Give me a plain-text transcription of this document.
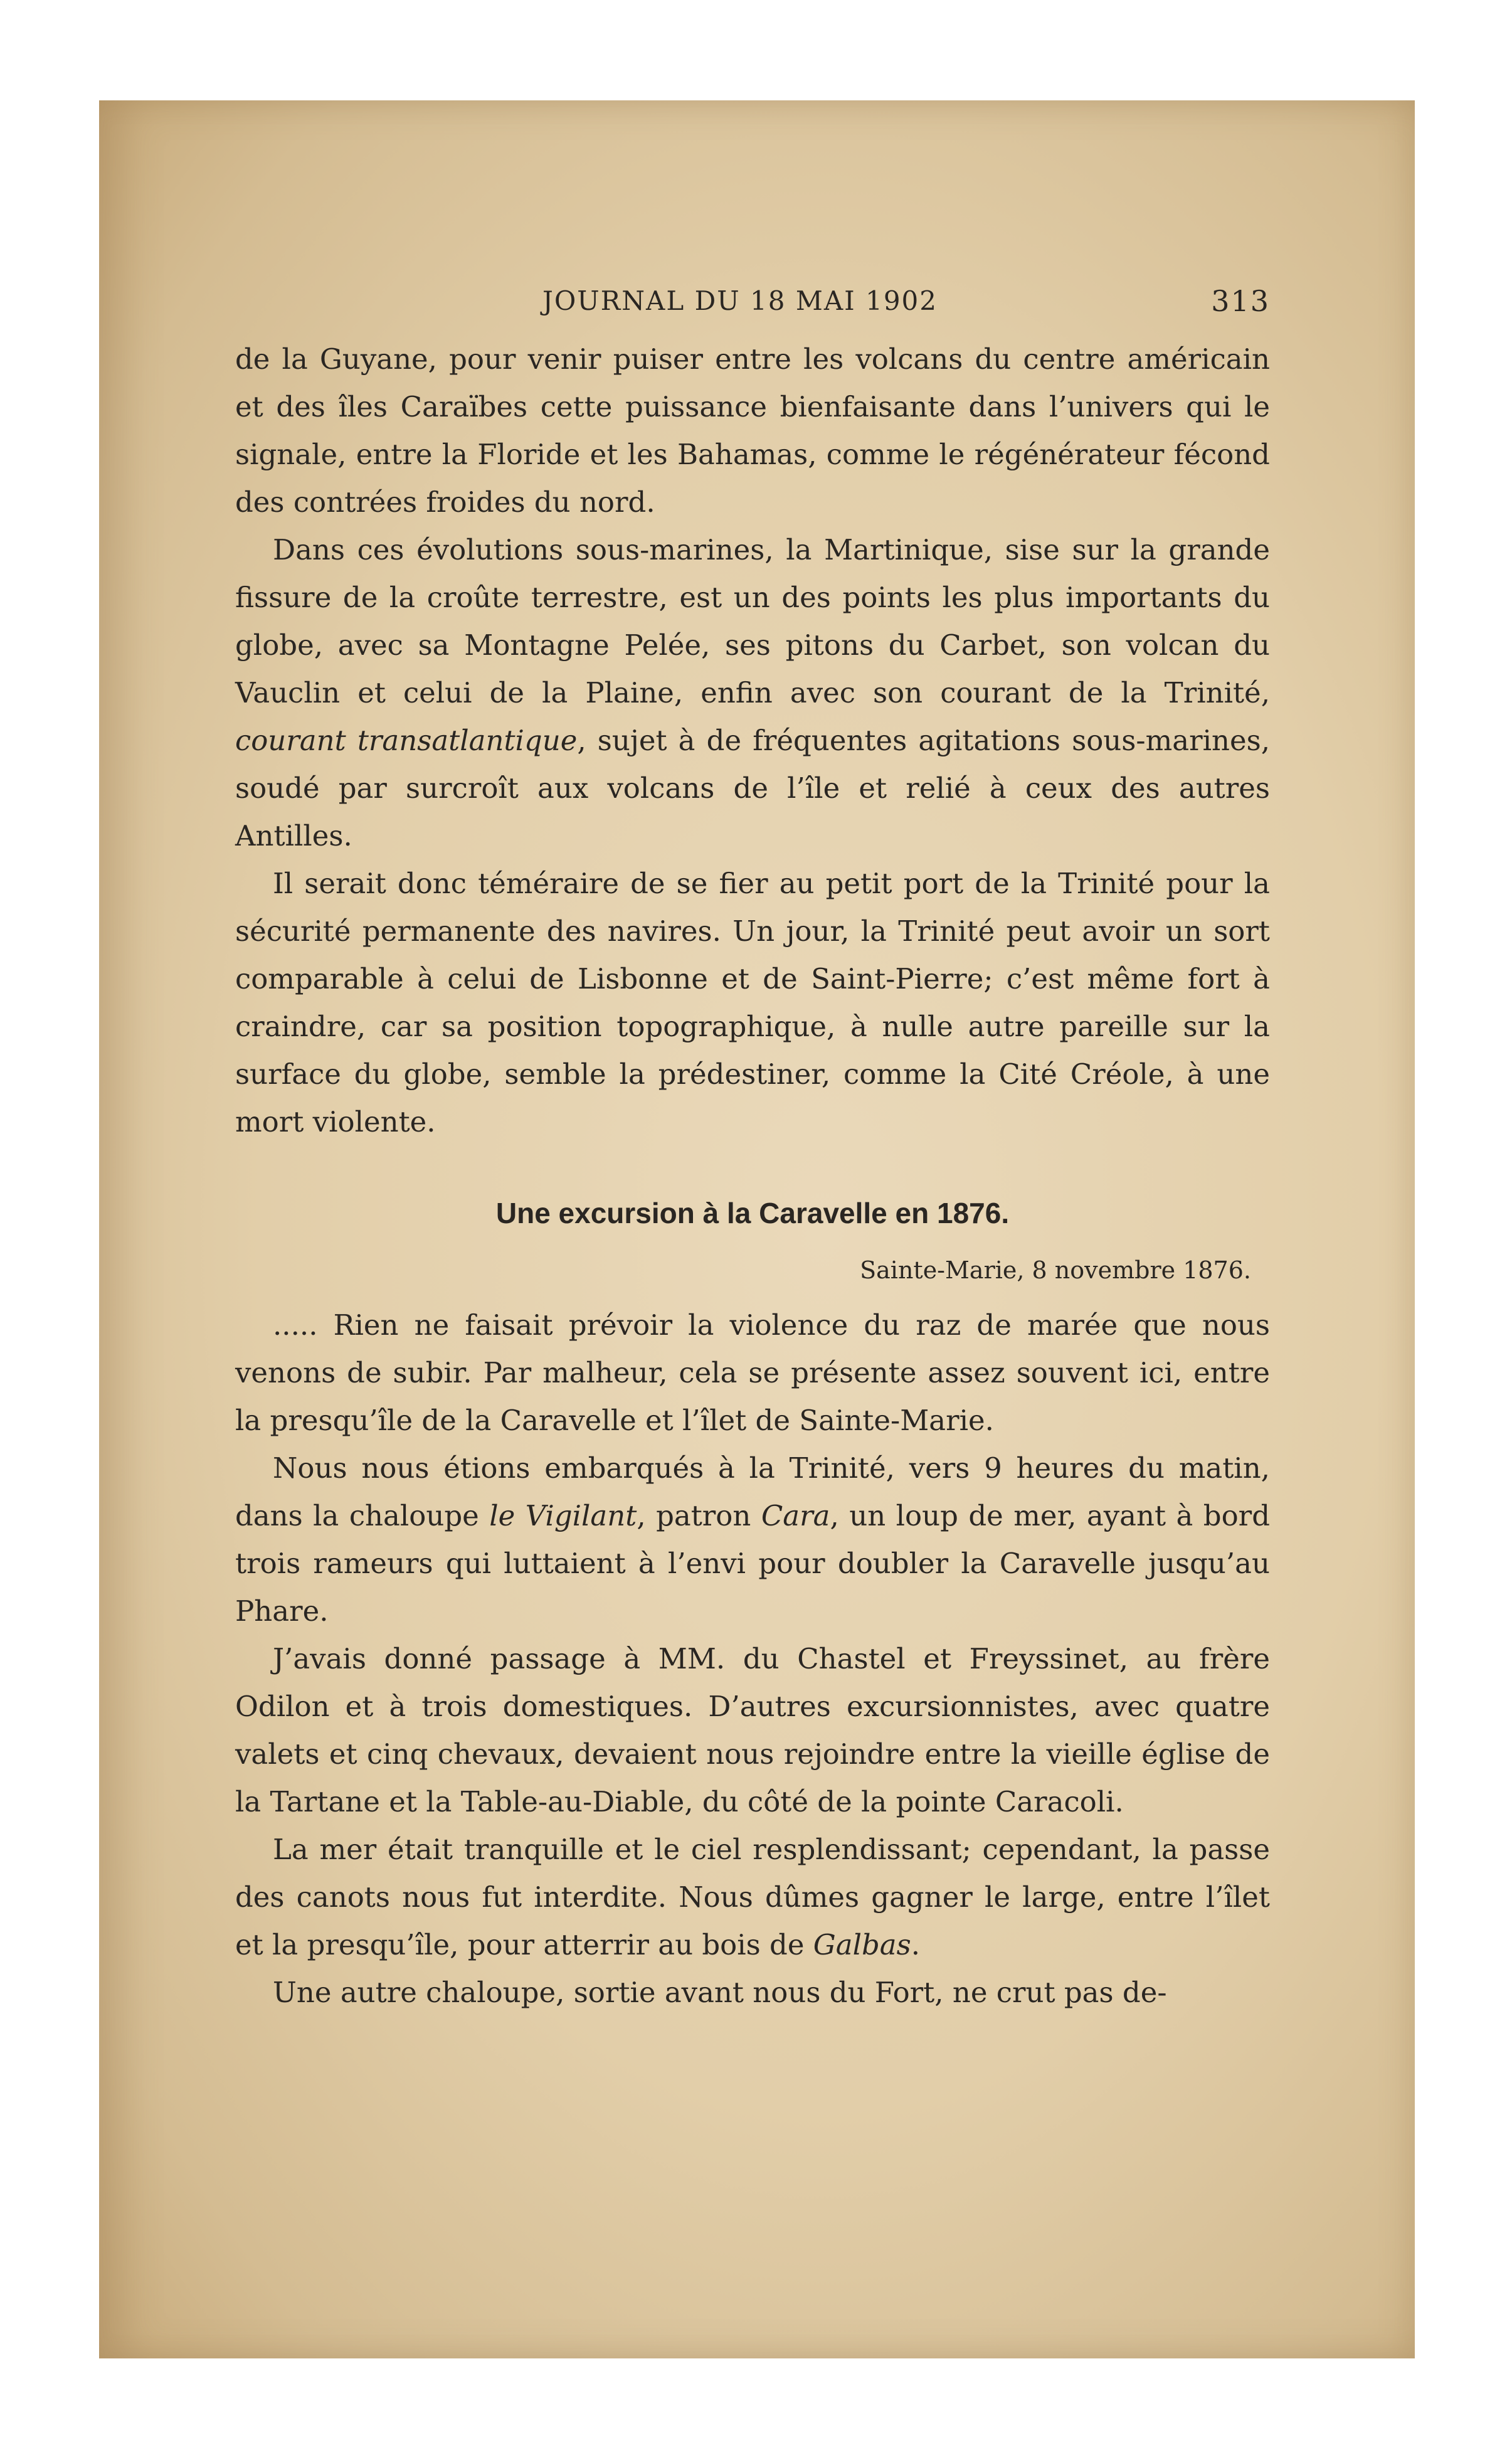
JOURNAL DU 18 MAI 1902	313

de la Guyane, pour venir puiser entre les volcans du centre américain et des îles Caraïbes cette puissance bienfaisante dans l’univers qui le signale, entre la Floride et les Bahamas, comme le régénérateur fécond des contrées froides du nord.

Dans ces évolutions sous-marines, la Martinique, sise sur la grande fissure de la croûte terrestre, est un des points les plus importants du globe, avec sa Montagne Pelée, ses pitons du Carbet, son volcan du Vauclin et celui de la Plaine, enfin avec son courant de la Trinité, courant transatlantique, sujet à de fréquentes agitations sous-marines, soudé par surcroît aux volcans de l’île et relié à ceux des autres Antilles.

Il serait donc téméraire de se fier au petit port de la Trinité pour la sécurité permanente des navires. Un jour, la Trinité peut avoir un sort comparable à celui de Lisbonne et de Saint-Pierre; c’est même fort à craindre, car sa position topographique, à nulle autre pareille sur la surface du globe, semble la prédestiner, comme la Cité Créole, à une mort violente.

Une excursion à la Caravelle en 1876.
Sainte-Marie, 8 novembre 1876.

..... Rien ne faisait prévoir la violence du raz de marée que nous venons de subir. Par malheur, cela se présente assez souvent ici, entre la presqu’île de la Caravelle et l’îlet de Sainte-Marie.

Nous nous étions embarqués à la Trinité, vers 9 heures du matin, dans la chaloupe le Vigilant, patron Cara, un loup de mer, ayant à bord trois rameurs qui luttaient à l’envi pour doubler la Caravelle jusqu’au Phare.

J’avais donné passage à MM. du Chastel et Freyssinet, au frère Odilon et à trois domestiques. D’autres excursionnistes, avec quatre valets et cinq chevaux, devaient nous rejoindre entre la vieille église de la Tartane et la Table-au-Diable, du côté de la pointe Caracoli.

La mer était tranquille et le ciel resplendissant; cependant, la passe des canots nous fut interdite. Nous dûmes gagner le large, entre l’îlet et la presqu’île, pour atterrir au bois de Galbas.

Une autre chaloupe, sortie avant nous du Fort, ne crut pas de-
